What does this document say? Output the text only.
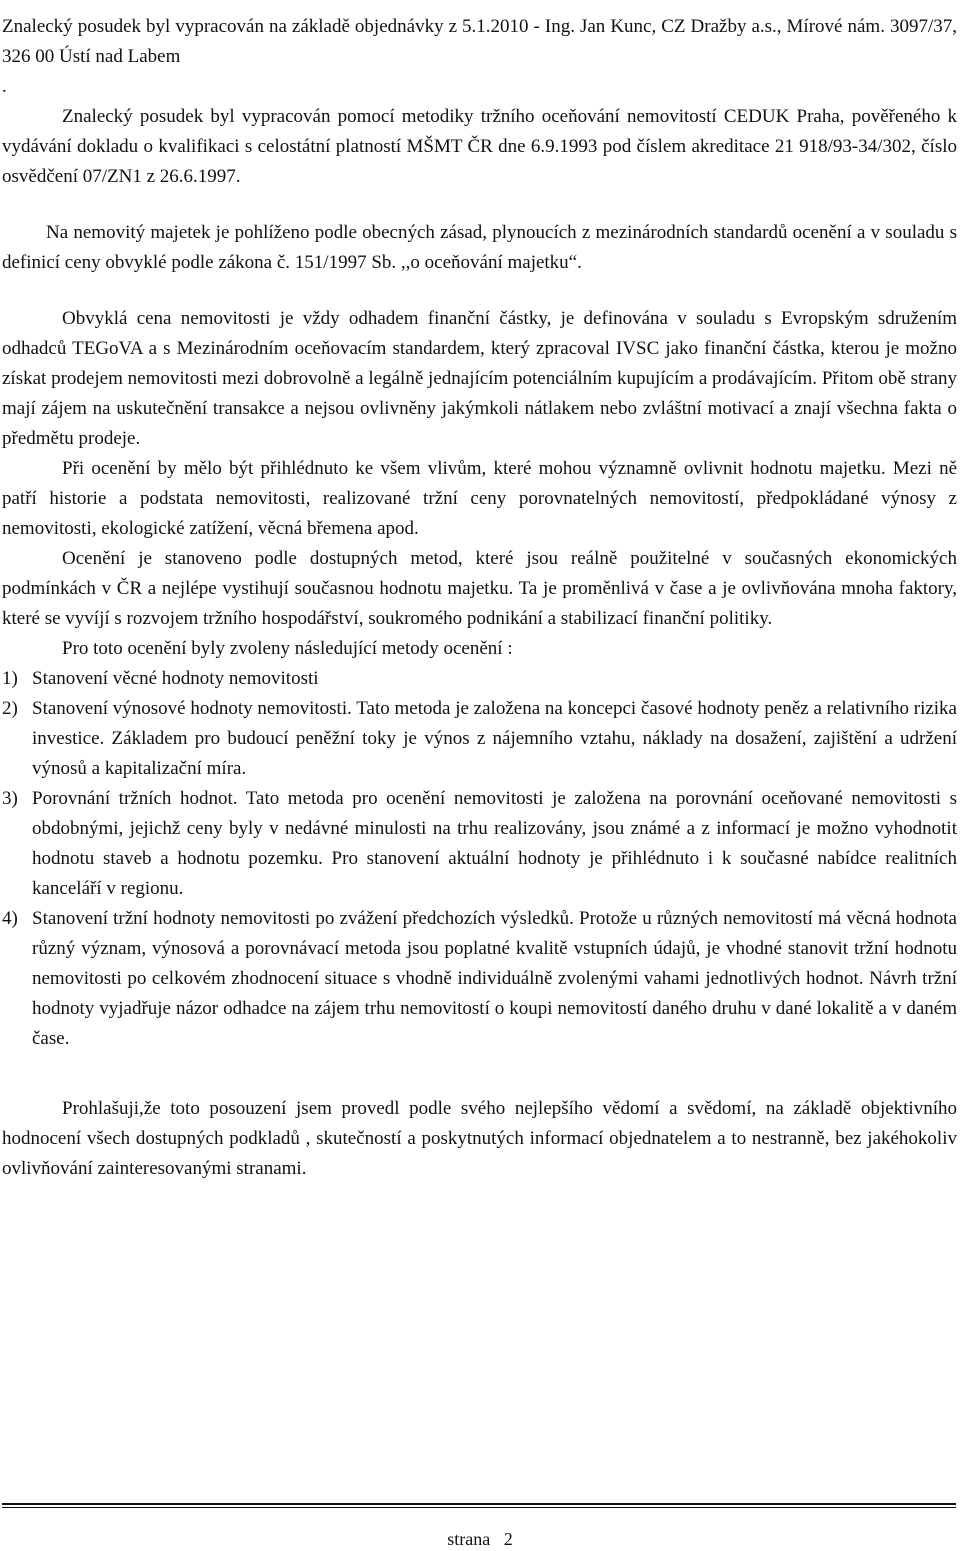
Znalecký posudek byl vypracován na základě objednávky z 5.1.2010 - Ing. Jan Kunc, CZ Dražby a.s., Mírové nám. 3097/37, 326 00 Ústí nad Labem

.

Znalecký posudek byl vypracován pomocí metodiky tržního oceňování nemovitostí CEDUK Praha, pověřeného k vydávání dokladu o kvalifikaci s celostátní platností MŠMT ČR dne 6.9.1993 pod číslem akreditace 21 918/93-34/302, číslo osvědčení 07/ZN1 z 26.6.1997.

Na nemovitý majetek je pohlíženo podle obecných zásad, plynoucích z mezinárodních standardů ocenění a v souladu s definicí ceny obvyklé podle zákona č. 151/1997 Sb. ,,o oceňování majetku“.

Obvyklá cena nemovitosti je vždy odhadem finanční částky, je definována v souladu s Evropským sdružením odhadců TEGoVA a s Mezinárodním oceňovacím standardem, který zpracoval IVSC jako finanční částka, kterou je možno získat prodejem nemovitosti mezi dobrovolně a legálně jednajícím potenciálním kupujícím a prodávajícím. Přitom obě strany mají zájem na uskutečnění transakce a nejsou ovlivněny jakýmkoli nátlakem nebo zvláštní motivací a znají všechna fakta o předmětu prodeje.

Při ocenění by mělo být přihlédnuto ke všem vlivům, které mohou významně ovlivnit hodnotu majetku. Mezi ně patří historie a podstata nemovitosti, realizované tržní ceny porovnatelných nemovitostí, předpokládané výnosy z nemovitosti, ekologické zatížení, věcná břemena apod.

Ocenění je stanoveno podle dostupných metod, které jsou reálně použitelné v současných ekonomických podmínkách v ČR a nejlépe vystihují současnou hodnotu majetku. Ta je proměnlivá v čase a je ovlivňována mnoha faktory, které se vyvíjí s rozvojem tržního hospodářství, soukromého podnikání a stabilizací finanční politiky.

Pro toto ocenění byly zvoleny následující metody ocenění :

1) Stanovení věcné hodnoty nemovitosti
2) Stanovení výnosové hodnoty nemovitosti. Tato metoda je založena na koncepci časové hodnoty peněz a relativního rizika investice. Základem pro budoucí peněžní toky je výnos z nájemního vztahu, náklady na dosažení, zajištění a udržení výnosů a kapitalizační míra.
3) Porovnání tržních hodnot. Tato metoda pro ocenění nemovitosti je založena na porovnání oceňované nemovitosti s obdobnými, jejichž ceny byly v nedávné minulosti na trhu realizovány, jsou známé a z informací je možno vyhodnotit hodnotu staveb a hodnotu pozemku. Pro stanovení aktuální hodnoty je přihlédnuto i k současné nabídce realitních kanceláří v regionu.
4) Stanovení tržní hodnoty nemovitosti po zvážení předchozích výsledků. Protože u různých nemovitostí má věcná hodnota různý význam, výnosová a porovnávací metoda jsou poplatné kvalitě vstupních údajů, je vhodné stanovit tržní hodnotu nemovitosti po celkovém zhodnocení situace s vhodně individuálně zvolenými vahami jednotlivých hodnot. Návrh tržní hodnoty vyjadřuje názor odhadce na zájem trhu nemovitostí o koupi nemovitostí daného druhu v dané lokalitě a v daném čase.

Prohlašuji,že toto posouzení jsem provedl podle svého nejlepšího vědomí a svědomí, na základě objektivního hodnocení všech dostupných podkladů , skutečností a poskytnutých informací objednatelem a to nestranně, bez jakéhokoliv ovlivňování zainteresovanými stranami.

strana   2
